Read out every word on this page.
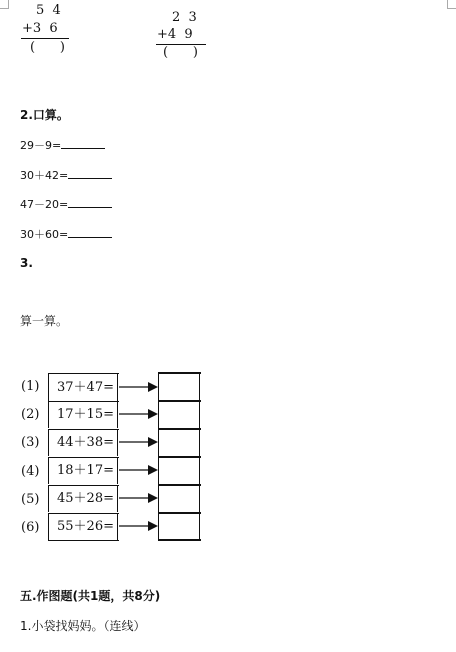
5  4
+3  6
(      )
2  3
+4  9
(      )
2.口算。
29－9=
30＋42=
47－20=
30＋60=
3.
算一算。
(1)
(2)
(3)
(4)
(5)
(6)
37＋47=
17＋15=
44＋38=
18＋17=
45＋28=
55＋26=
五.作图题(共1题，共8分)
1.小袋找妈妈。（连线）
